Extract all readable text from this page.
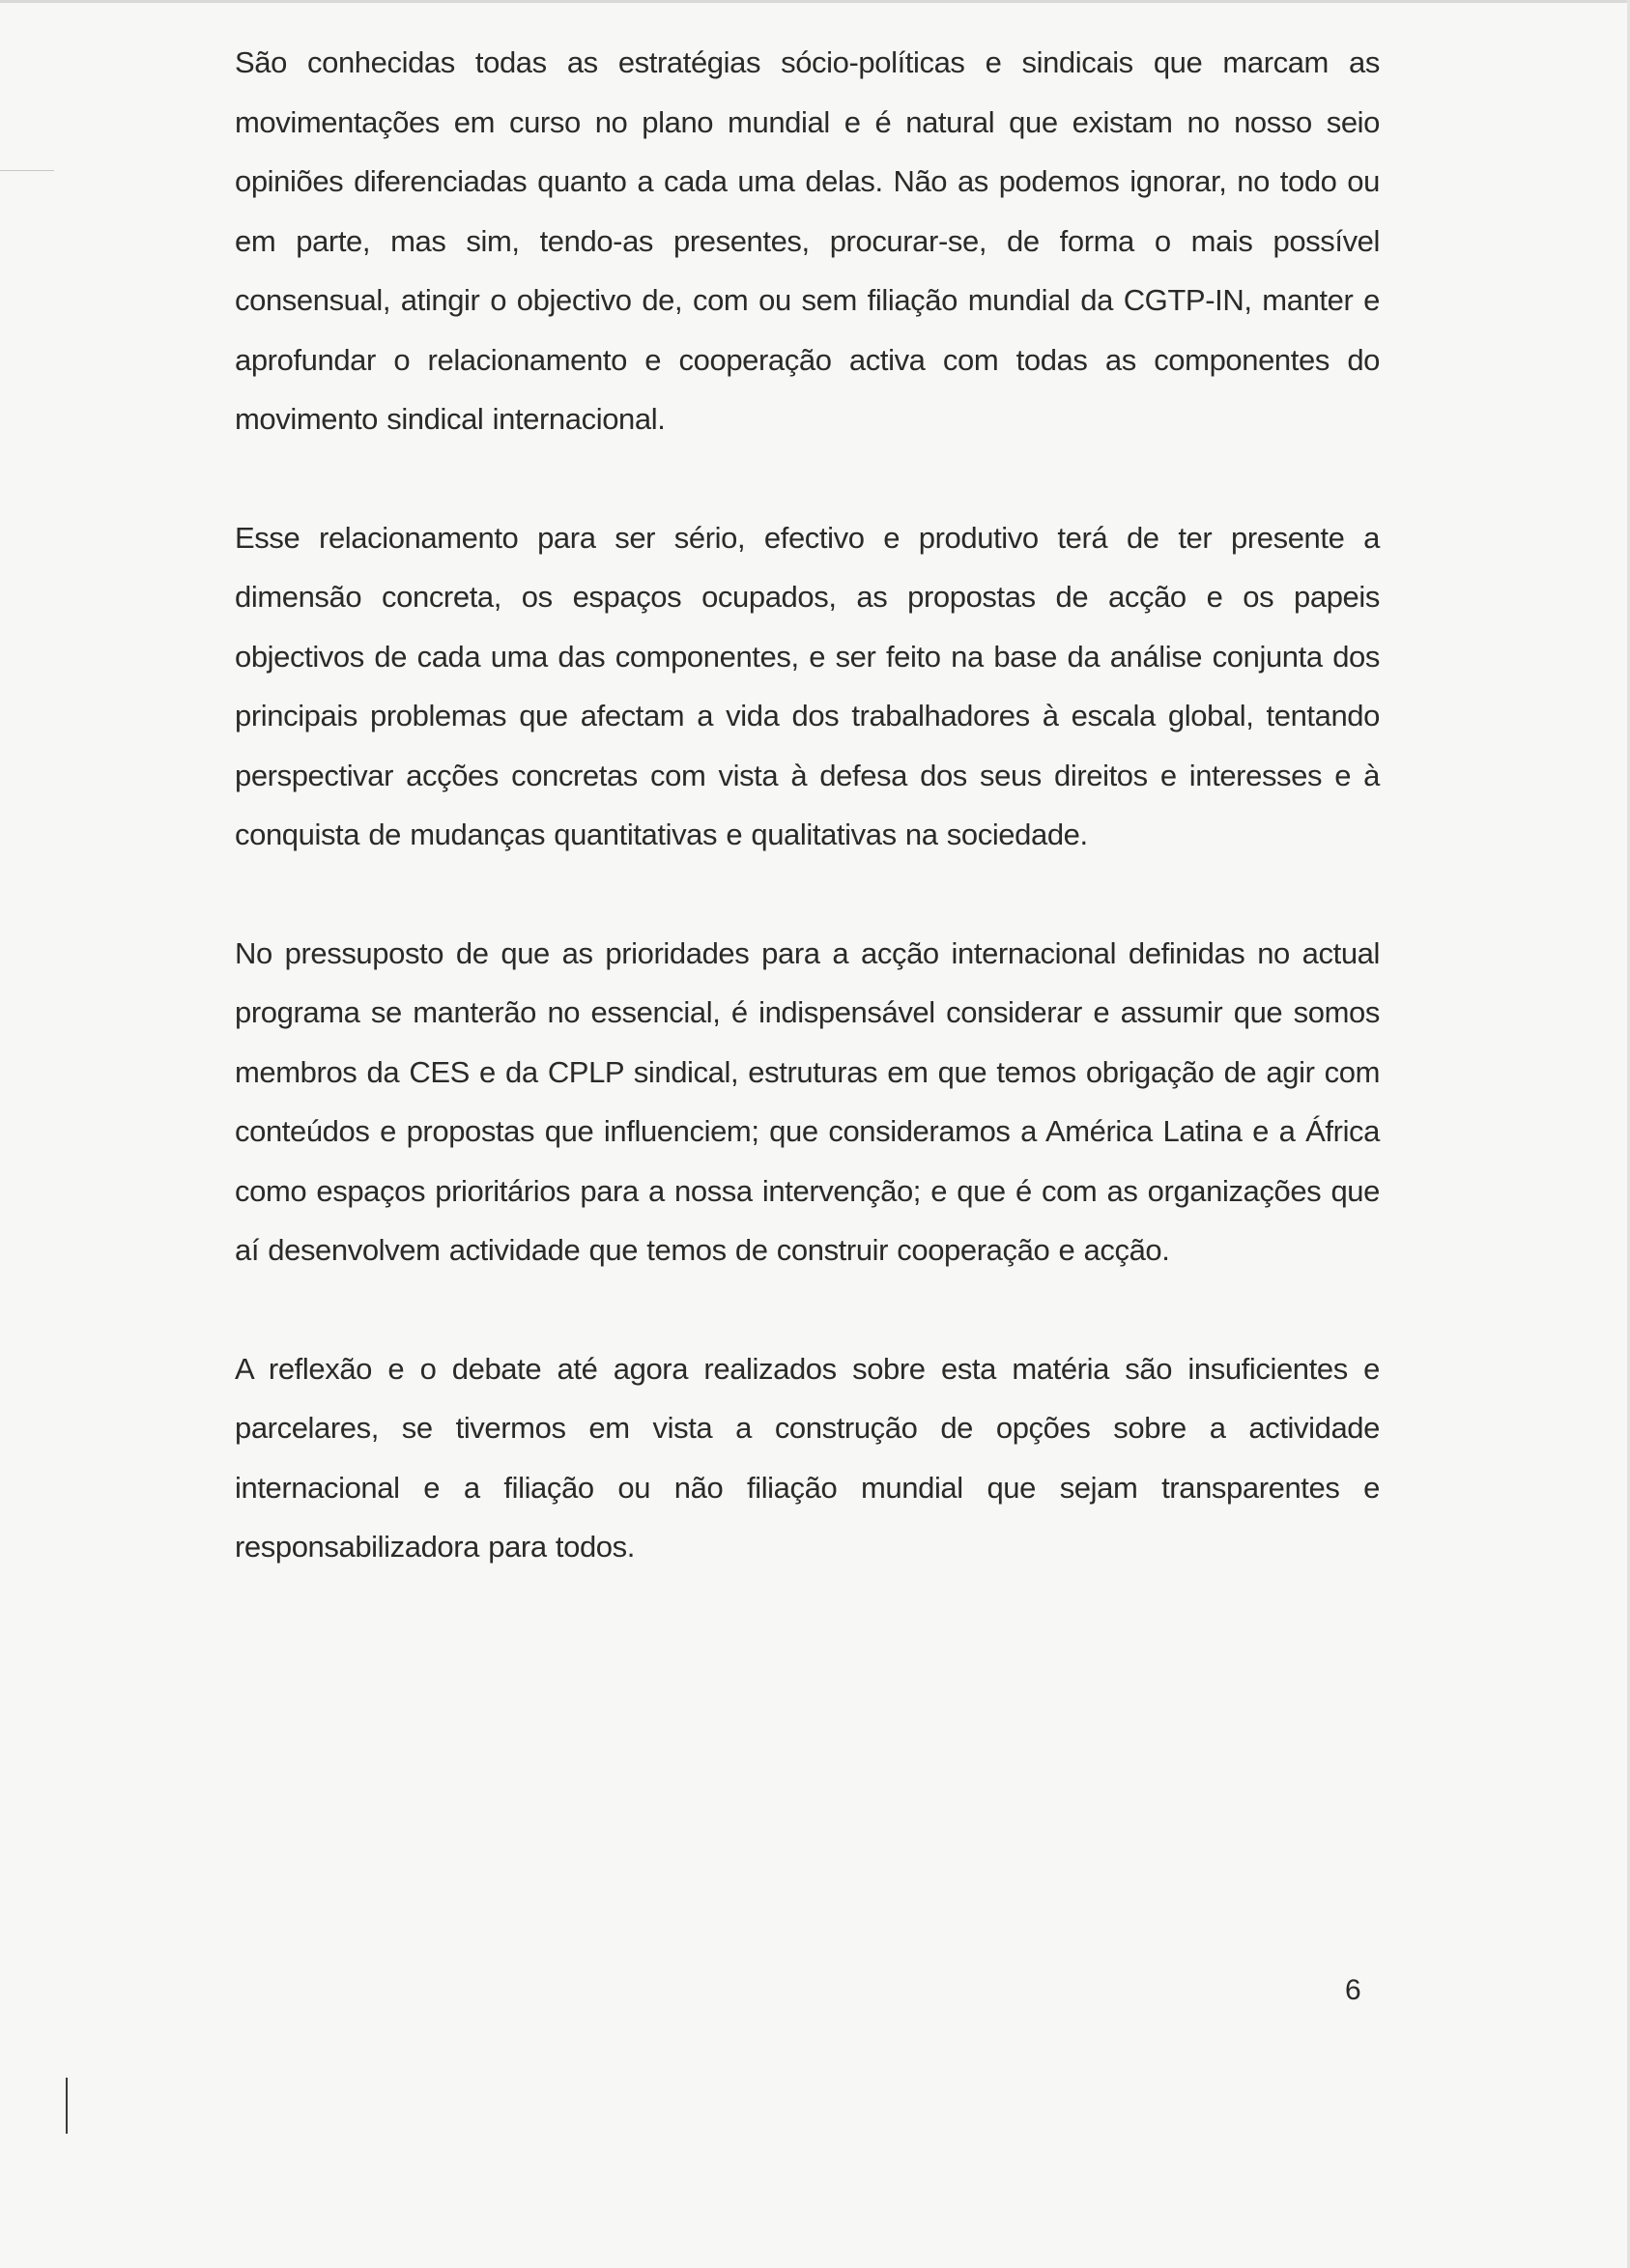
São conhecidas todas as estratégias sócio-políticas e sindicais que marcam as movimentações em curso no plano mundial e é natural que existam no nosso seio opiniões diferenciadas quanto a cada uma delas. Não as podemos ignorar, no todo ou em parte, mas sim, tendo-as presentes, procurar-se, de forma o mais possível consensual, atingir o objectivo de, com ou sem filiação mundial da CGTP-IN, manter e aprofundar o relacionamento e cooperação activa com todas as componentes do movimento sindical internacional.

Esse relacionamento para ser sério, efectivo e produtivo terá de ter presente a dimensão concreta, os espaços ocupados, as propostas de acção e os papeis objectivos de cada uma das componentes, e ser feito na base da análise conjunta dos principais problemas que afectam a vida dos trabalhadores à escala global, tentando perspectivar acções concretas com vista à defesa dos seus direitos e interesses e à conquista de mudanças quantitativas e qualitativas na sociedade.

No pressuposto de que as prioridades para a acção internacional definidas no actual programa se manterão no essencial, é indispensável considerar e assumir que somos membros da CES e da CPLP sindical, estruturas em que temos obrigação de agir com conteúdos e propostas que influenciem; que consideramos a América Latina e a África como espaços prioritários para a nossa intervenção; e que é com as organizações que aí desenvolvem actividade que temos de construir cooperação e acção.

A reflexão e o debate até agora realizados sobre esta matéria são insuficientes e parcelares, se tivermos em vista a construção de opções sobre a actividade internacional e a filiação ou não filiação mundial que sejam transparentes e responsabilizadora para todos.

6
